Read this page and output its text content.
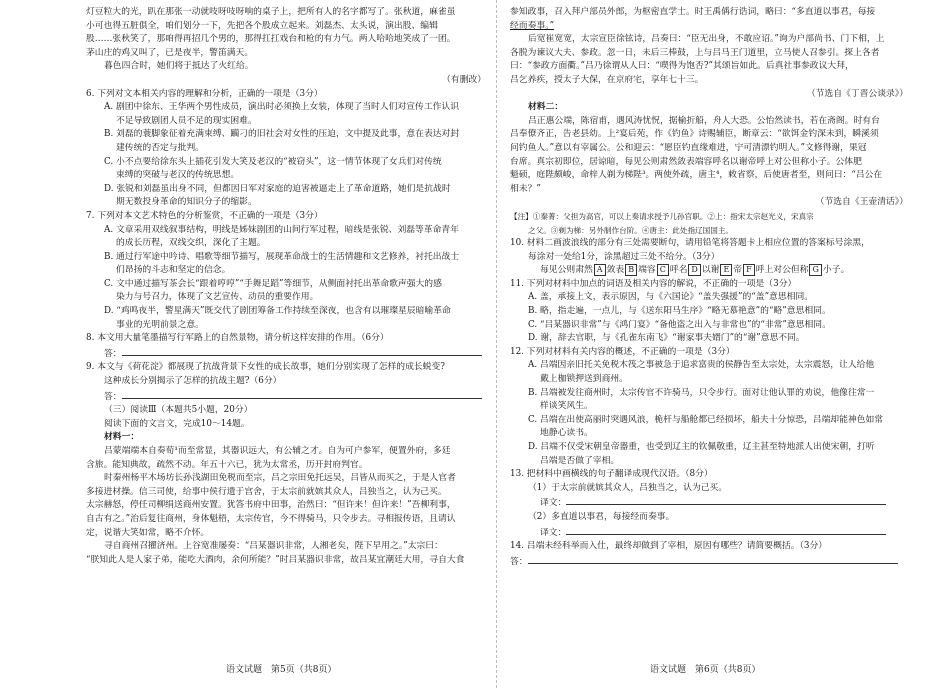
灯豆粒大的光，趴在那张一动就吱呀吱呀响的桌子上，把所有人的名字都写了。张秋道，麻雀虽
小可也得五脏俱全，咱们划分一下，先把各个股成立起来。刘磊杰、太头说，演出股、编辑
股……张秋笑了，那咱得再招几个男的，那得扛扛戏台和枪的有力气。两人哈哈地笑成了一团。
茅山庄的鸡又叫了，已是夜半，警笛满天。
暮色四合时，她们将于抵达了火红给。
（有删改）
6. 下列对文本相关内容的理解和分析，正确的一项是（3分）
A. 剧团中徐东、王华两个男性成员，演出时必须换上女装，体现了当时人们对宣传工作认识
不足导致剧团人员不足的现实困难。
B. 刘磊的蓑脚象征着充满束缚、躏刁的旧社会对女性的压迫，文中提及此事，意在表达对封
建传统的否定与批判。
C. 小不点要给徐东头上插花引发大笑及老汉的“被窃头”，这一情节体现了女兵们对传统
束缚的突破与老汉的传统思想。
D. 张锐和刘磊虽出身不同，但都因日军对家庭的迫害被逼走上了革命道路，她们是抗战时
期无数投身革命的知识分子的缩影。
7. 下列对本文艺术特色的分析鉴赏，不正确的一项是（3分）
A. 文章采用双线叙事结构，明线是姊妹剧团的山间行军过程，暗线是张锐、刘磊等革命青年
的成长历程，双线交织，深化了主题。
B. 通过行军途中吟诗、唱歌等细节描写，展现革命战士的生活情趣和文艺修养，衬托出战士
们昂扬的斗志和坚定的信念。
C. 文中通过描写茶会长“跟着哼哼”“手舞足蹈”等细节，从侧面衬托出革命歌声强大的感
染力与号召力，体现了文艺宣传、动员的重要作用。
D. “鸡鸣夜半，警星满天”既交代了剧团筹备工作持续至深夜，也含有以璀璨星辰暗喻革命
事业的光明前景之意。
8. 本文用大量笔墨描写行军路上的自然景物，请分析这样安排的作用。（6分）
答：
9. 本文与《荷花淀》都展现了抗战背景下女性的成长故事，她们分别实现了怎样的成长蜕变?
这种成长分别揭示了怎样的抗战主题?（6分）
答：
（三）阅读Ⅲ（本题共5小题，20分）
阅读下面的文言文，完成10～14题。
材料一：
吕蒙端端本自奏荀¹而至常显，其器识远大，有公辅之才。自为可户参军，便置外府，多廷
含旅。能知典故，疏然不动。年五十六已，犹为太常丞，历开封府判官。
时秦州杨平木场坊长孙浅湖田免税而至宗，吕之宗田免托远吴，吕皆从而买之，于是人官者
多接进材操。信三司使，给事中侯行遗于宫舍，于太宗前就嫔其众人，吕独当之，认为己买。
太宗赫怒，停任司柳绢送商州安置。犹答书府中田事，治然曰：“但许来！但许来！”吾柳利事，
自古有之。”治后复往商州，身体魁梧，太宗传官，今不得骑马，只令步去。寻相报传语，且请认
定，说谐大笑如常，略不介怀。
寻自商州召擢济州。上谷宽准屡奏：“吕某器识非常，人湘老矣，陛下早用之。”太宗曰：
“朕知此人是人家子弟，能吃大酒肉，余何所能？”时吕某器识非常，故吕某宜潮廷大用，寻自大食
语文试题　第5页（共8页）
参知政事，召入拜户部员外郎，为枢密直学士。时王禹偁行诰词，略曰：“多直道以事君，每接
经而奏事。”
后宽崔宽宽，太宗宣臣徐铉诗，吕奏曰：“臣无出身，不敢应诏。”询为户部尚书、门下相，上
各脱为谏议大夫、参政。忽一日，未后三棒鼓，上与吕马王门道里，立马使人召参引。探上各者
曰：“参政方面衢。”吕乃徐谓从人曰：“喫得为饱否?”其颂旨如此。后真社事参政议大拜，
吕乞养疾，授太子大保，在京府宅，享年七十三。
（节选自《丁晋公谈录》）
材料二：
吕正惠公端，陈宿甫，遇风涛忧怳，据榆折船，舟人大恐。公怡然读书，若在斋阁。时有台
吕奉僚齐正，告老县幼。上²宴后苑，作《钓鱼》诗赐辅臣，断章云：“欲饵金钓深未到，瞬溪须
问钓鱼人。”意以有宰属公。公和迎云：“愿臣钓直缘难进，宁可清漂钓明人。”文修得谢，果冠
台席。真宗初即位，居谅暗，每见公则肃然敛表端容呼名以谢帝呼上对公但称小子。公体肥
魁硕，庭陛颇峻，命梓人剃为梯陛³。两使外疏，唐主⁴，敕省察，后使唐者至，则问曰：“吕公在
相未？”
（节选自《王壶清话》）
【注】①秦菁：父担为高官，可以上奏请求授予儿孙官职。②上：指宋太宗赵光义，宋真宗
之父。③剃为梯：另外制作台阶。④唐主：此处指辽国国主。
10. 材料二画波浪线的部分有三处需要断句，请用铅笔将答题卡上相应位置的答案标号涂黑，
每涂对一处给1分，涂黑超过三处不给分。（3分）
每见公则肃然 A 敛表 B 端容 C 呼名 D 以谢 E 帝 F 呼上对公但称 G 小子。
11. 下列对材料中加点的词语及相关内容的解说，不正确的一项是（3分）
A. 盖，承接上文，表示原因，与《六国论》“盖失强援”的“盖”意思相同。
B. 略，指走遍，一点儿，与《送东阳马生序》“略无慕艳意”的“略”意思相同。
C. “吕某器识非常”与《鸿门宴》“备他盗之出入与非常也”的“非常”意思相同。
D. 谢，辞去官职，与《孔雀东南飞》“谢家事夫婿门”的“谢”意思不同。
12. 下列对材料有关内容的概述，不正确的一项是（3分）
A. 吕端因亲旧托关免税木筏之事被急于追求富贵的侯静告至太宗处，太宗震怒，让人给他
戴上枷锁押送到商州。
B. 吕端被发往商州时，太宗传官不许骑马，只令步行。面对让他认罪的劝说，他像往常一
样谈笑风生。
C. 吕端在出使高丽时突遇风浪，桅杆与船舱都已经损坏，船夫十分惊恐，吕端却能神色如常
地静心读书。
D. 吕端不仅受宋朝皇帝器重，也受到辽主的钦佩敬重，辽主甚至特地派人出使宋朝，打听
吕端是否做了宰相。
13. 把材料中画横线的句子翻译成现代汉语。（8分）
（1）于太宗前就嫔其众人，吕独当之，认为己买。
译文：
（2）多直道以事君，每接经而奏事。
译文：
14. 吕端未经科举而入仕，最终却做到了宰相，原因有哪些？请简要概括。（3分）
答：
语文试题　第6页（共8页）
